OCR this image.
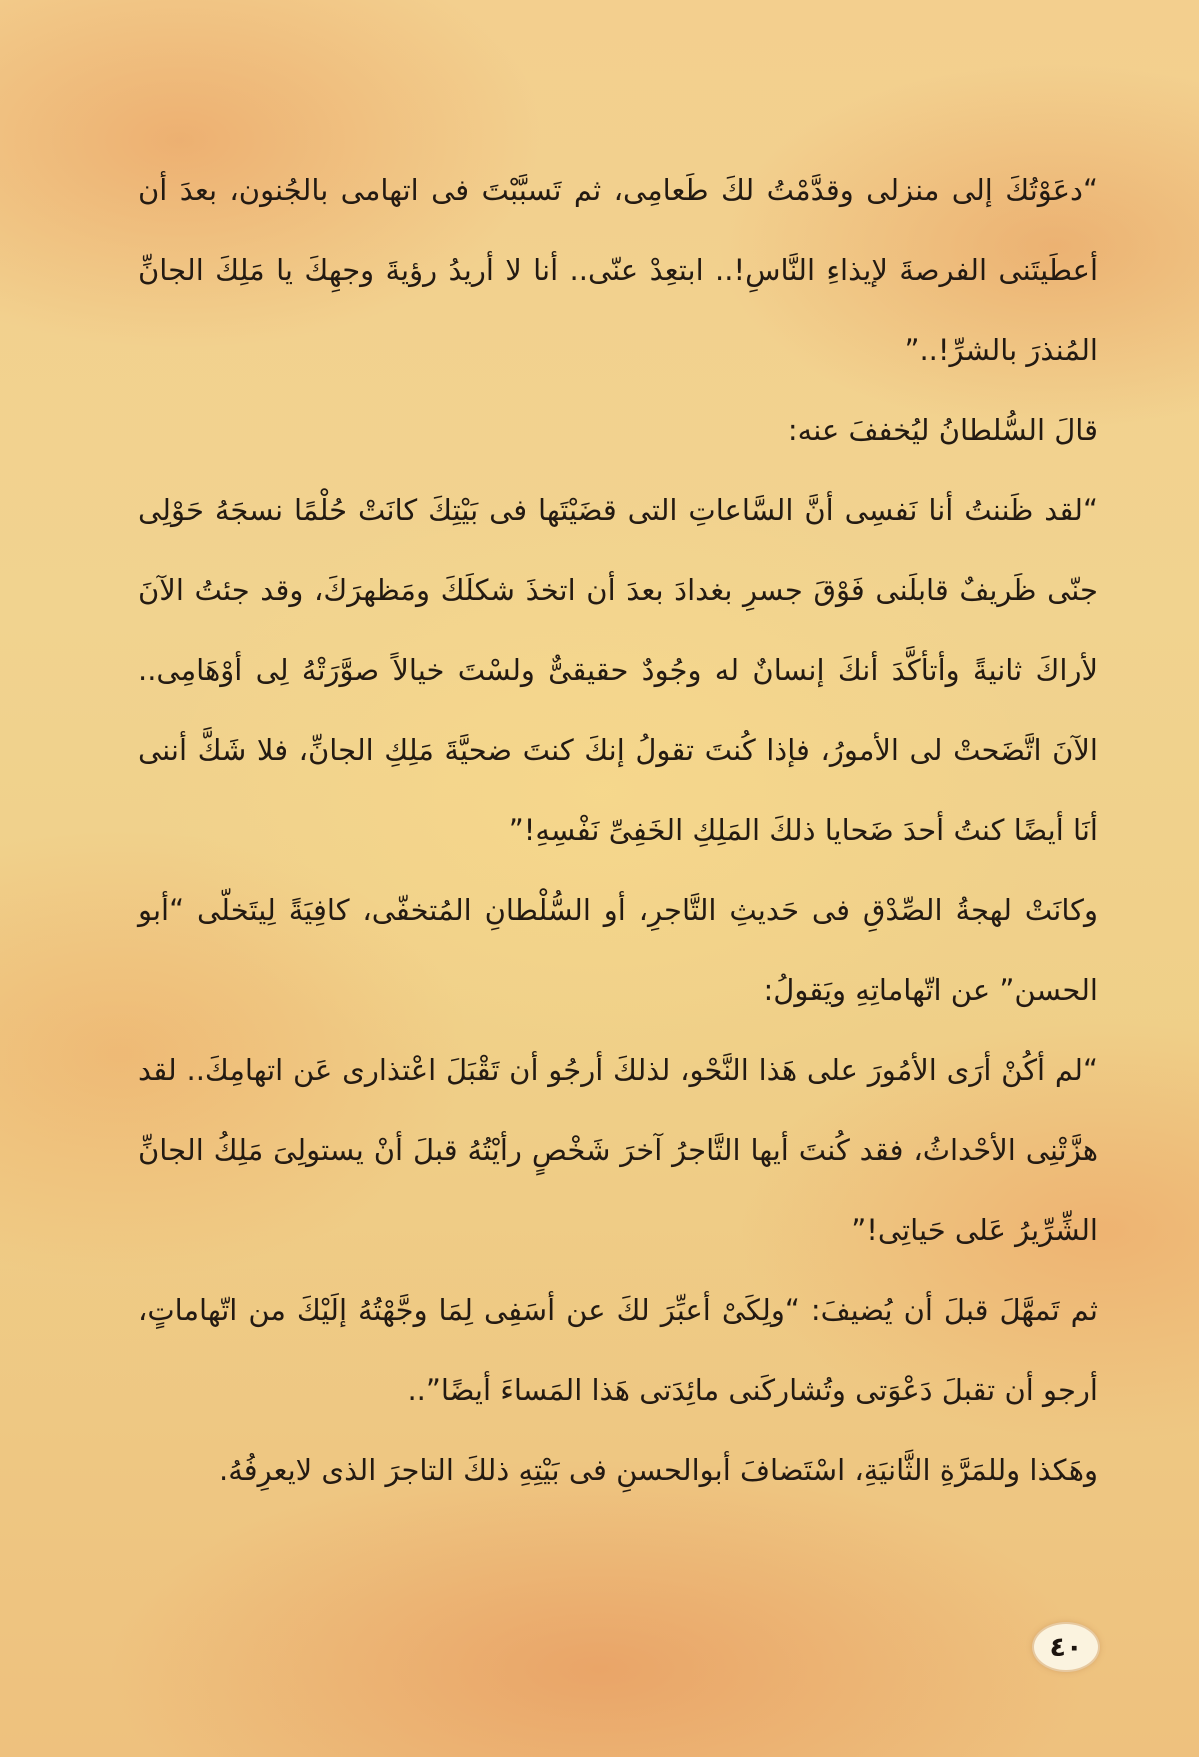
“دعَوْتُكَ إلى منزلى وقدَّمْتُ لكَ طَعامِى، ثم تَسبَّبْتَ فى اتهامى بالجُنون، بعدَ أن أعطَيتَنى الفرصةَ لإيذاءِ النَّاسِ!.. ابتعِدْ عنّى.. أنا لا أريدُ رؤيةَ وجهِكَ يا مَلِكَ الجانِّ المُنذرَ بالشرِّ!..”

قالَ السُّلطانُ ليُخففَ عنه:

“لقد ظَننتُ أنا نَفسِى أنَّ السَّاعاتِ التى قضَيْتَها فى بَيْتِكَ كانَتْ حُلْمًا نسجَهُ حَوْلِى جنّى ظَريفٌ قابلَنى فَوْقَ جسرِ بغدادَ بعدَ أن اتخذَ شكلَكَ ومَظهرَكَ، وقد جئتُ الآنَ لأراكَ ثانيةً وأتأكَّدَ أنكَ إنسانٌ له وجُودٌ حقيقىٌّ ولسْتَ خيالاً صوَّرَتْهُ لِى أوْهَامِى.. الآنَ اتَّضَحتْ لى الأمورُ، فإذا كُنتَ تقولُ إنكَ كنتَ ضحيَّةَ مَلِكِ الجانِّ، فلا شَكَّ أننى أنَا أيضًا كنتُ أحدَ ضَحايا ذلكَ المَلِكِ الخَفِىِّ نَفْسِهِ!”

وكانَتْ لهجةُ الصِّدْقِ فى حَديثِ التَّاجرِ، أو السُّلْطانِ المُتخفّى، كافِيَةً لِيتَخلّى “أبو الحسن” عن اتّهاماتِهِ ويَقولُ:

“لم أكُنْ أرَى الأمُورَ على هَذا النَّحْو، لذلكَ أرجُو أن تَقْبَلَ اعْتذارى عَن اتهامِكَ.. لقد هزَّتْنِى الأحْداثُ، فقد كُنتَ أيها التَّاجرُ آخرَ شَخْصٍ رأيْتُهُ قبلَ أنْ يستولِىَ مَلِكُ الجانِّ الشِّرِّيرُ عَلى حَياتِى!”

ثم تَمهَّلَ قبلَ أن يُضيفَ: “ولِكَىْ أعبِّرَ لكَ عن أسَفِى لِمَا وجَّهْتُهُ إلَيْكَ من اتّهاماتٍ، أرجو أن تقبلَ دَعْوَتى وتُشاركَنى مائِدَتى هَذا المَساءَ أيضًا”..

وهَكذا وللمَرَّةِ الثَّانيَةِ، اسْتَضافَ أبوالحسنِ فى بَيْتِهِ ذلكَ التاجرَ الذى لايعرِفُهُ.

٤٠
